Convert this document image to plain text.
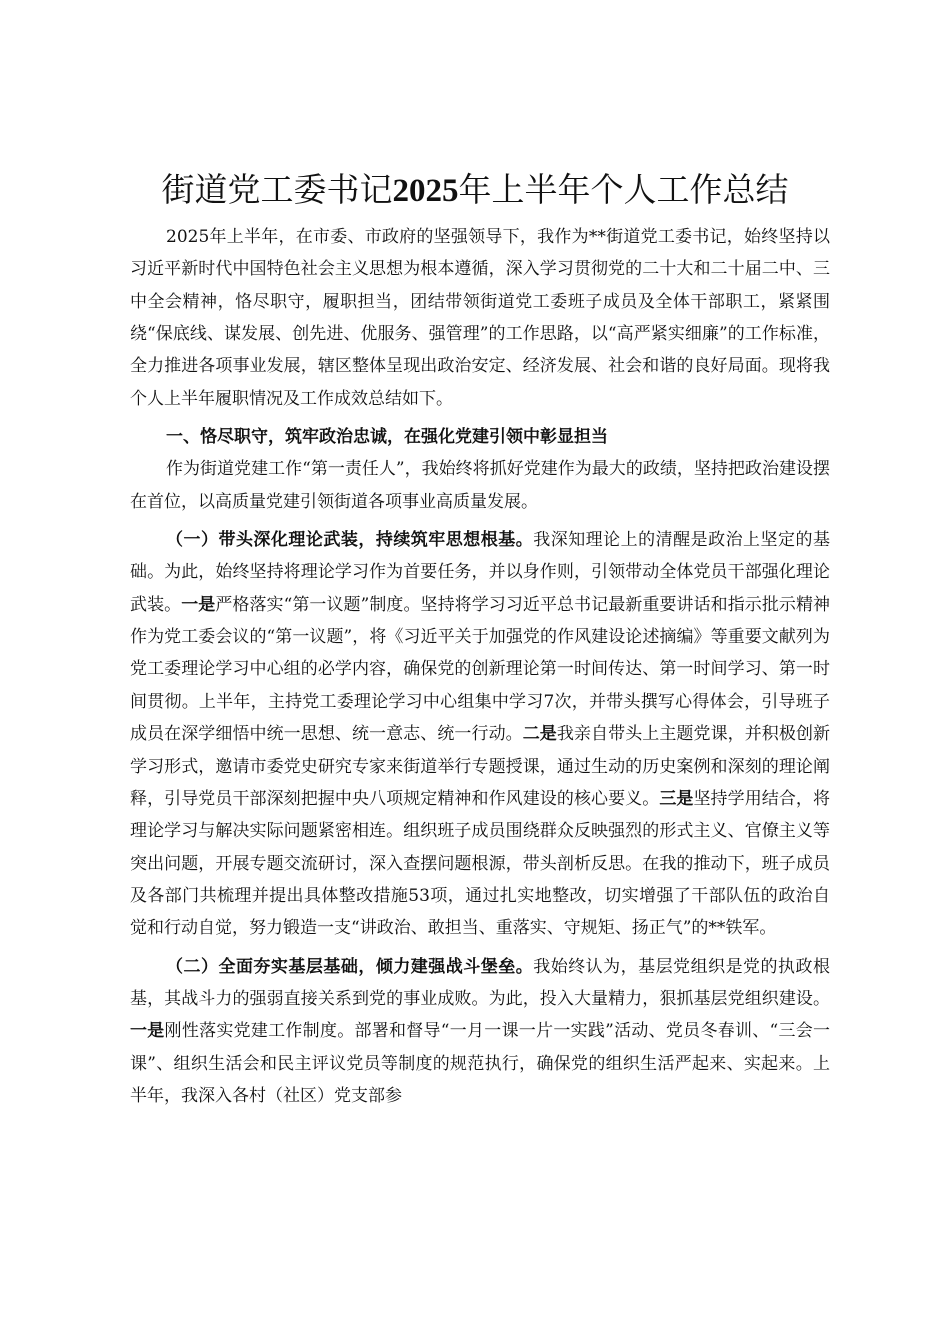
街道党工委书记2025年上半年个人工作总结

2025年上半年，在市委、市政府的坚强领导下，我作为**街道党工委书记，始终坚持以习近平新时代中国特色社会主义思想为根本遵循，深入学习贯彻党的二十大和二十届二中、三中全会精神，恪尽职守，履职担当，团结带领街道党工委班子成员及全体干部职工，紧紧围绕“保底线、谋发展、创先进、优服务、强管理”的工作思路，以“高严紧实细廉”的工作标准，全力推进各项事业发展，辖区整体呈现出政治安定、经济发展、社会和谐的良好局面。现将我个人上半年履职情况及工作成效总结如下。

一、恪尽职守，筑牢政治忠诚，在强化党建引领中彰显担当

作为街道党建工作“第一责任人”，我始终将抓好党建作为最大的政绩，坚持把政治建设摆在首位，以高质量党建引领街道各项事业高质量发展。

（一）带头深化理论武装，持续筑牢思想根基。我深知理论上的清醒是政治上坚定的基础。为此，始终坚持将理论学习作为首要任务，并以身作则，引领带动全体党员干部强化理论武装。一是严格落实“第一议题”制度。坚持将学习习近平总书记最新重要讲话和指示批示精神作为党工委会议的“第一议题”，将《习近平关于加强党的作风建设论述摘编》等重要文献列为党工委理论学习中心组的必学内容，确保党的创新理论第一时间传达、第一时间学习、第一时间贯彻。上半年，主持党工委理论学习中心组集中学习7次，并带头撰写心得体会，引导班子成员在深学细悟中统一思想、统一意志、统一行动。二是我亲自带头上主题党课，并积极创新学习形式，邀请市委党史研究专家来街道举行专题授课，通过生动的历史案例和深刻的理论阐释，引导党员干部深刻把握中央八项规定精神和作风建设的核心要义。三是坚持学用结合，将理论学习与解决实际问题紧密相连。组织班子成员围绕群众反映强烈的形式主义、官僚主义等突出问题，开展专题交流研讨，深入查摆问题根源，带头剖析反思。在我的推动下，班子成员及各部门共梳理并提出具体整改措施53项，通过扎实地整改，切实增强了干部队伍的政治自觉和行动自觉，努力锻造一支“讲政治、敢担当、重落实、守规矩、扬正气”的**铁军。

（二）全面夯实基层基础，倾力建强战斗堡垒。我始终认为，基层党组织是党的执政根基，其战斗力的强弱直接关系到党的事业成败。为此，投入大量精力，狠抓基层党组织建设。一是刚性落实党建工作制度。部署和督导“一月一课一片一实践”活动、党员冬春训、“三会一课”、组织生活会和民主评议党员等制度的规范执行，确保党的组织生活严起来、实起来。上半年，我深入各村（社区）党支部参
